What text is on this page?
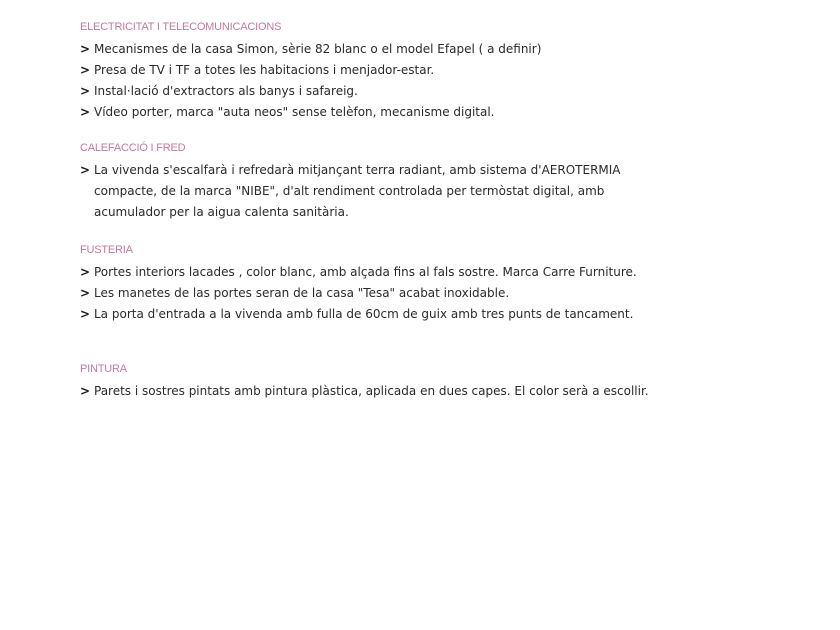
ELECTRICITAT I TELECOMUNICACIONS
> Mecanismes de la casa Simon, sèrie 82 blanc o el model Efapel ( a definir)
> Presa de TV i TF a totes les habitacions i menjador-estar.
> Instal·lació d'extractors als banys i safareig.
> Vídeo porter, marca "auta neos" sense telèfon, mecanisme digital.
CALEFACCIÓ I FRED
> La vivenda s'escalfarà i refredarà mitjançant terra radiant, amb sistema d'AEROTERMIA
compacte, de la marca "NIBE", d'alt rendiment controlada per termòstat digital, amb
acumulador per la aigua calenta sanitària.
FUSTERIA
> Portes interiors lacades , color blanc, amb alçada fins al fals sostre. Marca Carre Furniture.
> Les manetes de las portes seran de la casa "Tesa" acabat inoxidable.
> La porta d'entrada a la vivenda amb fulla de 60cm de guix amb tres punts de tancament.
PINTURA
> Parets i sostres pintats amb pintura plàstica, aplicada en dues capes. El color serà a escollir.
